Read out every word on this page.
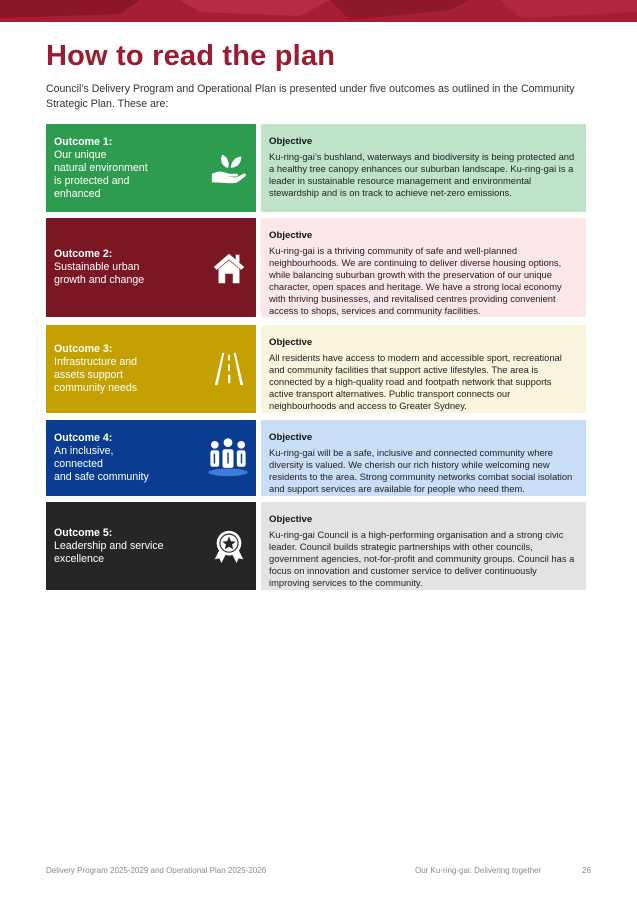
How to read the plan

Council’s Delivery Program and Operational Plan is presented under five outcomes as outlined in the Community Strategic Plan. These are:

Outcome 1:
Our unique
natural environment
is protected and
enhanced
Objective

Ku-ring-gai’s bushland, waterways and biodiversity is being protected and a healthy tree canopy enhances our suburban landscape. Ku-ring-gai is a leader in sustainable resource management and environmental stewardship and is on track to achieve net-zero emissions.

Outcome 2:
Sustainable urban
growth and change
Objective

Ku-ring-gai is a thriving community of safe and well-planned neighbourhoods. We are continuing to deliver diverse housing options, while balancing suburban growth with the preservation of our unique character, open spaces and heritage. We have a strong local economy with thriving businesses, and revitalised centres providing convenient access to shops, services and community facilities.

Outcome 3:
Infrastructure and
assets support
community needs
Objective

All residents have access to modern and accessible sport, recreational and community facilities that support active lifestyles. The area is connected by a high-quality road and footpath network that supports active transport alternatives. Public transport connects our neighbourhoods and access to Greater Sydney.

Outcome 4:
An inclusive,
connected
and safe community
Objective

Ku-ring-gai will be a safe, inclusive and connected community where diversity is valued. We cherish our rich history while welcoming new residents to the area. Strong community networks combat social isolation and support services are available for people who need them.

Outcome 5:
Leadership and service
excellence
Objective

Ku-ring-gai Council is a high-performing organisation and a strong civic leader. Council builds strategic partnerships with other councils, government agencies, not-for-profit and community groups. Council has a focus on innovation and customer service to deliver continuously improving services to the community.

Delivery Program 2025-2029 and Operational Plan 2025-2026	Our Ku-ring-gai: Delivering together	26
